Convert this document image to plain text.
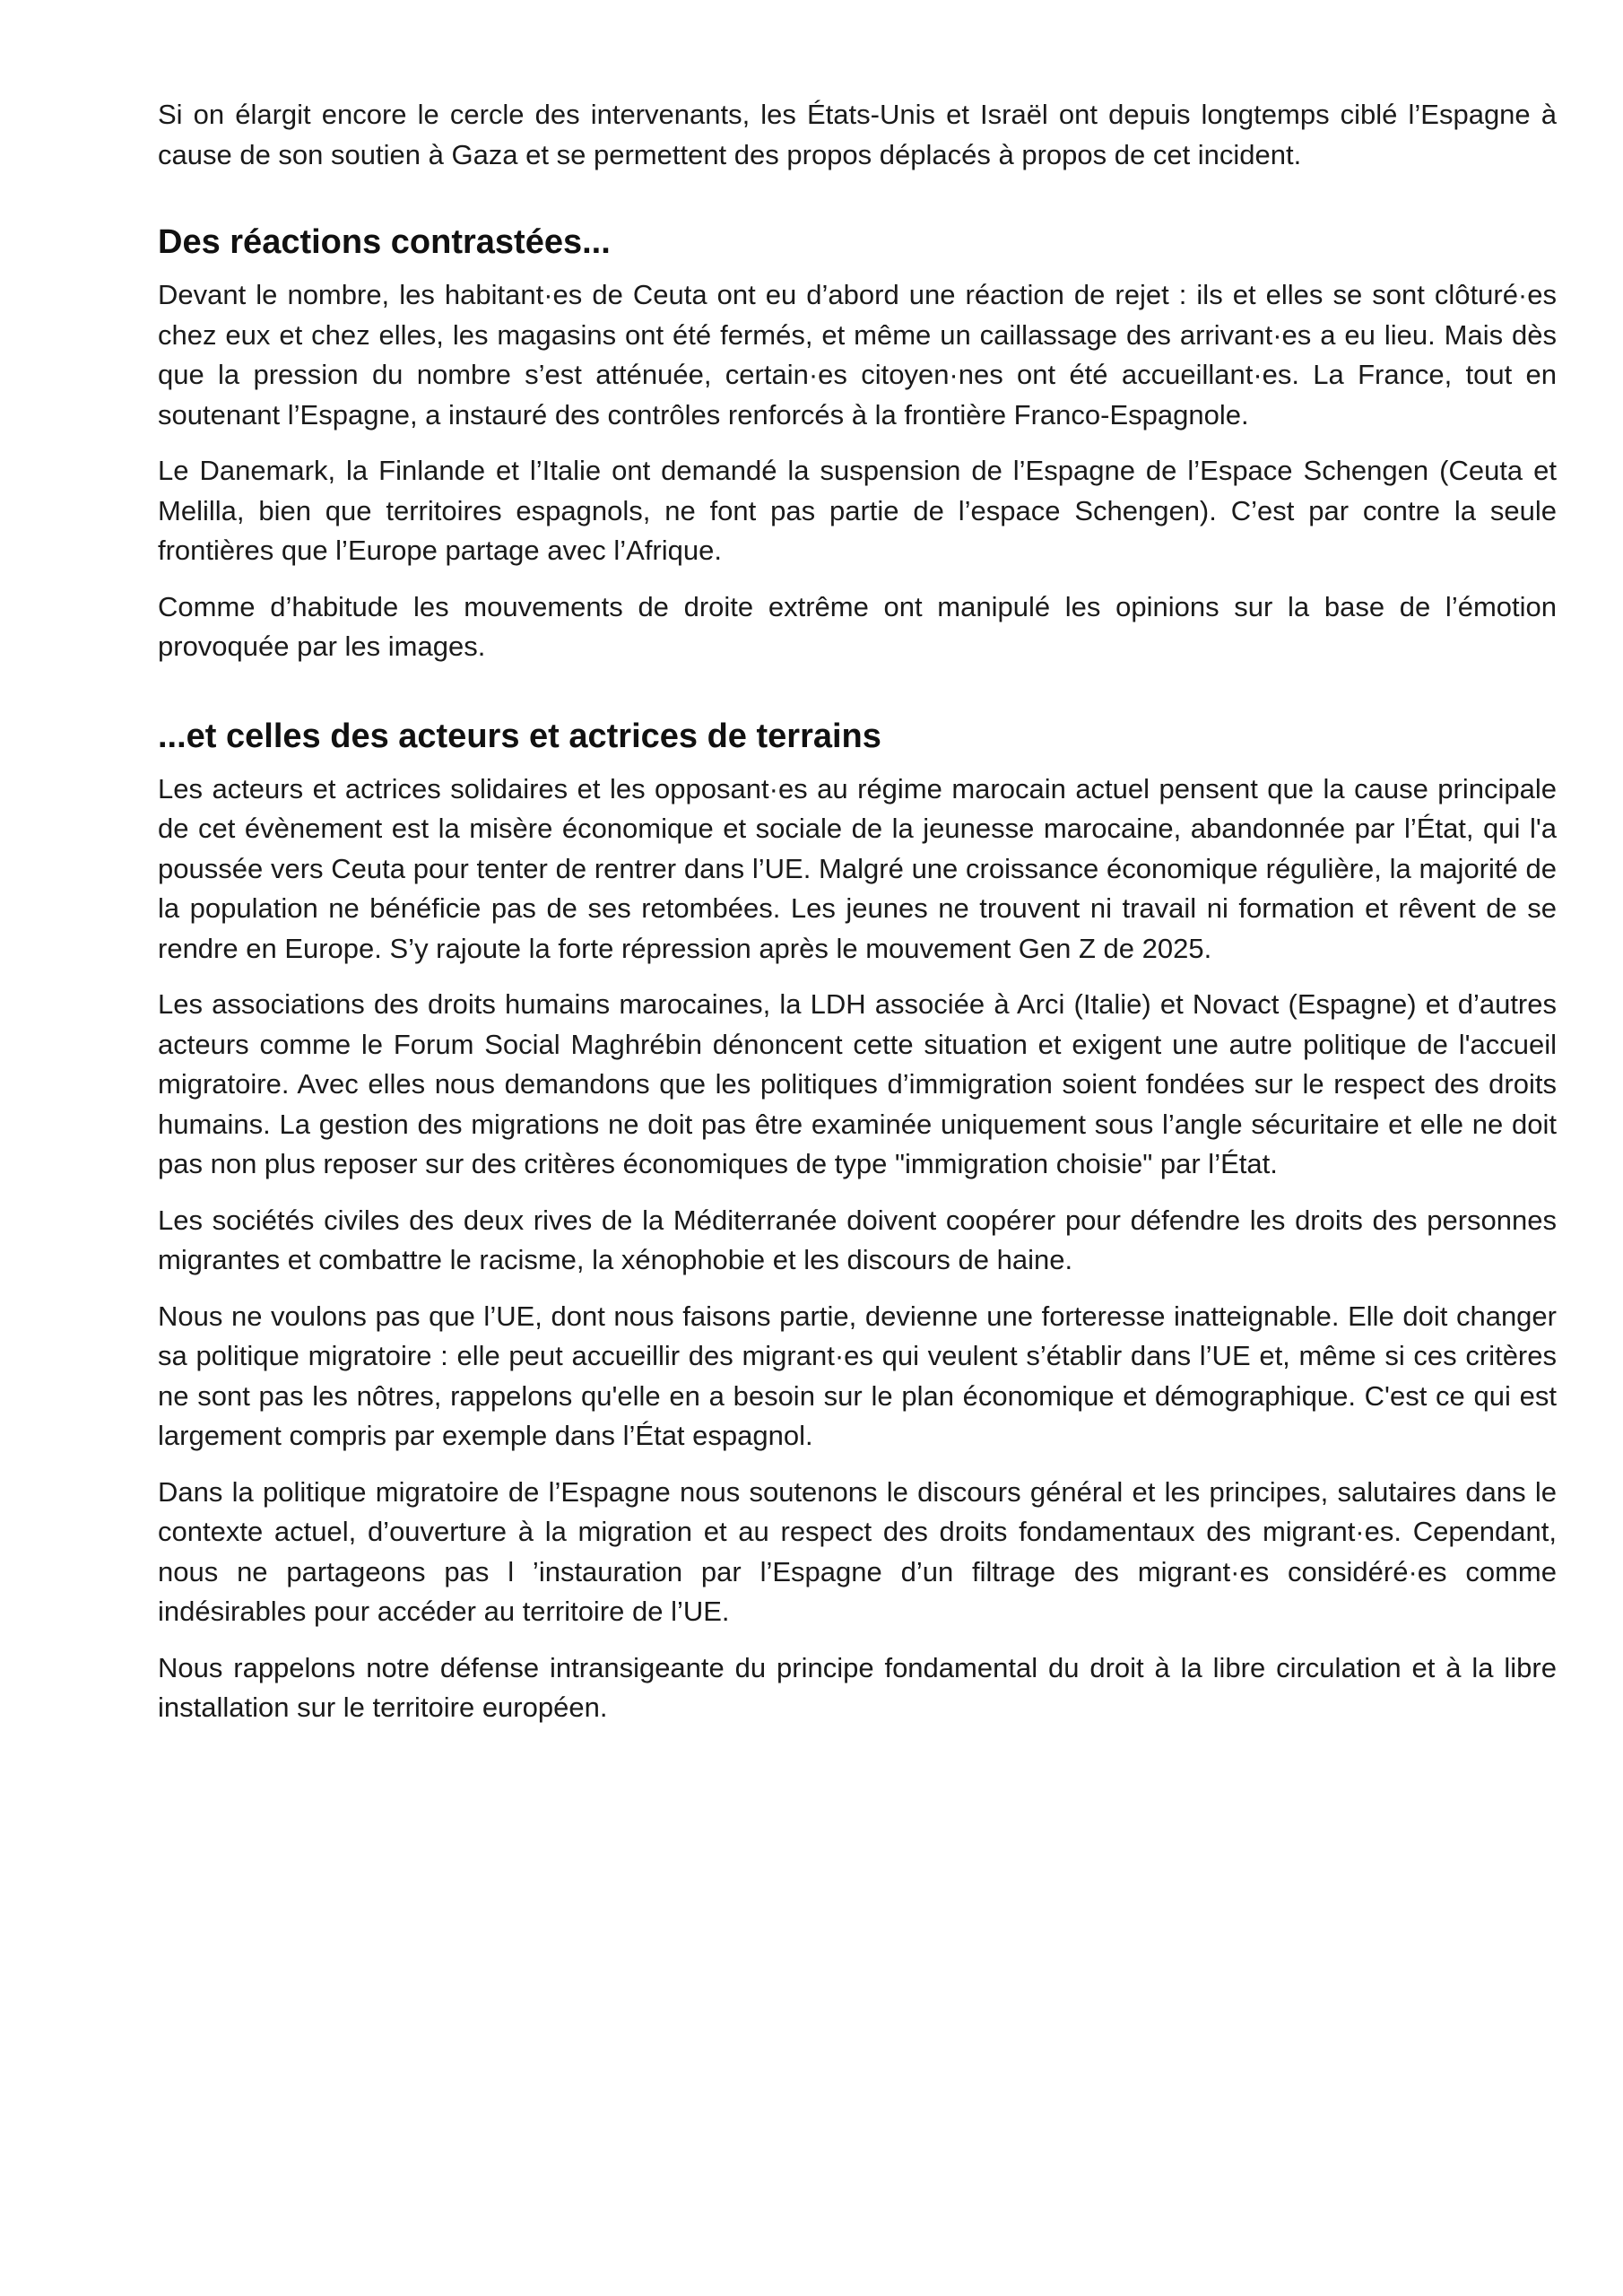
Si on élargit encore le cercle des intervenants, les États-Unis et Israël ont depuis longtemps ciblé l’Espagne à cause de son soutien à Gaza et se permettent des propos déplacés à propos de cet incident.

Des réactions contrastées...

Devant le nombre, les habitant·es de Ceuta ont eu d’abord une réaction de rejet : ils et elles se sont clôturé·es chez eux et chez elles, les magasins ont été fermés, et même un caillassage des arrivant·es a eu lieu. Mais dès que la pression du nombre s’est atténuée, certain·es citoyen·nes ont été accueillant·es. La France, tout en soutenant l’Espagne, a instauré des contrôles renforcés à la frontière Franco-Espagnole.

Le Danemark, la Finlande et l’Italie ont demandé la suspension de l’Espagne de l’Espace Schengen (Ceuta et Melilla, bien que territoires espagnols, ne font pas partie de l’espace Schengen). C’est par contre la seule frontières que l’Europe partage avec l’Afrique.

Comme d’habitude les mouvements de droite extrême ont manipulé les opinions sur la base de l’émotion provoquée par les images.

...et celles des acteurs et actrices de terrains

Les acteurs et actrices solidaires et les opposant·es au régime marocain actuel pensent que la cause principale de cet évènement est la misère économique et sociale de la jeunesse marocaine, abandonnée par l’État, qui l'a poussée vers Ceuta pour tenter de rentrer dans l’UE. Malgré une croissance économique régulière, la majorité de la population ne bénéficie pas de ses retombées. Les jeunes ne trouvent ni travail ni formation et rêvent de se rendre en Europe. S’y rajoute la forte répression après le mouvement Gen Z de 2025.

Les associations des droits humains marocaines, la LDH associée à Arci (Italie) et Novact (Espagne) et d’autres acteurs comme le Forum Social Maghrébin dénoncent cette situation et exigent une autre politique de l'accueil migratoire. Avec elles nous demandons que les politiques d’immigration soient fondées sur le respect des droits humains. La gestion des migrations ne doit pas être examinée uniquement sous l’angle sécuritaire et elle ne doit pas non plus reposer sur des critères économiques de type "immigration choisie" par l’État.

Les sociétés civiles des deux rives de la Méditerranée doivent coopérer pour défendre les droits des personnes migrantes et combattre le racisme, la xénophobie et les discours de haine.

Nous ne voulons pas que l’UE, dont nous faisons partie, devienne une forteresse inatteignable. Elle doit changer sa politique migratoire : elle peut accueillir des migrant·es qui veulent s’établir dans l’UE et, même si ces critères ne sont pas les nôtres, rappelons qu'elle en a besoin sur le plan économique et démographique. C'est ce qui est largement compris par exemple dans l’État espagnol.

Dans la politique migratoire de l’Espagne nous soutenons le discours général et les principes, salutaires dans le contexte actuel, d’ouverture à la migration et au respect des droits fondamentaux des migrant·es. Cependant, nous ne partageons pas l ’instauration par l’Espagne d’un filtrage des migrant·es considéré·es comme indésirables pour accéder au territoire de l’UE.

Nous rappelons notre défense intransigeante du principe fondamental du droit à la libre circulation et à la libre installation sur le territoire européen.
